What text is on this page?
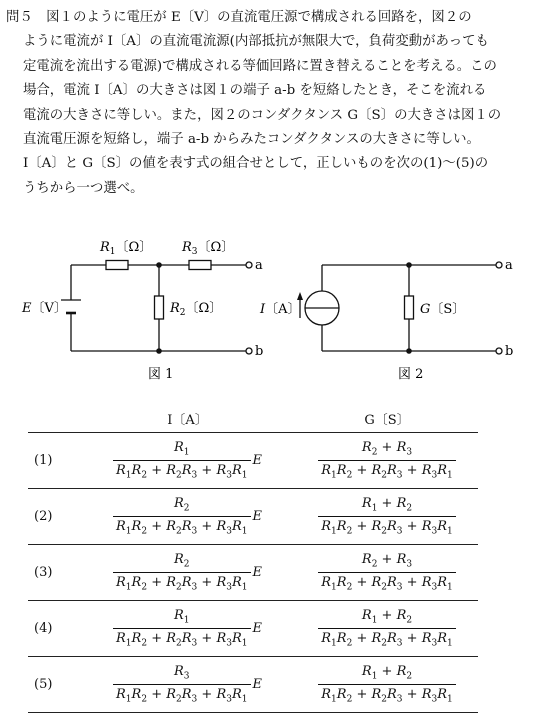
問５　図１のように電圧が E〔V〕の直流電圧源で構成される回路を，図２の
ように電流が I〔A〕の直流電流源(内部抵抗が無限大で，負荷変動があっても
定電流を流出する電源)で構成される等価回路に置き替えることを考える。この
場合，電流 I〔A〕の大きさは図１の端子 a-b を短絡したとき，そこを流れる
電流の大きさに等しい。また，図２のコンダクタンス G〔S〕の大きさは図１の
直流電圧源を短絡し，端子 a-b からみたコンダクタンスの大きさに等しい。
I〔A〕と G〔S〕の値を表す式の組合せとして，正しいものを次の(1)～(5)の
うちから一つ選べ。
$R_1$〔Ω〕 $R_3$〔Ω〕
$R_2$〔Ω〕
E〔V〕
a
b
図 1
I〔A〕	G〔S〕
a
b
図 2
	I〔A〕	G〔S〕
(1)	$\frac{R_1}{R_1R_2 + R_2R_3 + R_3R_1}$ E	$\frac{R_2 + R_3}{R_1R_2 + R_2R_3 + R_3R_1}$

(2)	$\frac{R_2}{R_1R_2 + R_2R_3 + R_3R_1}$ E	$\frac{R_1 + R_2}{R_1R_2 + R_2R_3 + R_3R_1}$

(3)	$\frac{R_2}{R_1R_2 + R_2R_3 + R_3R_1}$ E	$\frac{R_2 + R_3}{R_1R_2 + R_2R_3 + R_3R_1}$

(4)	$\frac{R_1}{R_1R_2 + R_2R_3 + R_3R_1}$ E	$\frac{R_1 + R_2}{R_1R_2 + R_2R_3 + R_3R_1}$

(5)	$\frac{R_3}{R_1R_2 + R_2R_3 + R_3R_1}$ E	$\frac{R_1 + R_2}{R_1R_2 + R_2R_3 + R_3R_1}$
